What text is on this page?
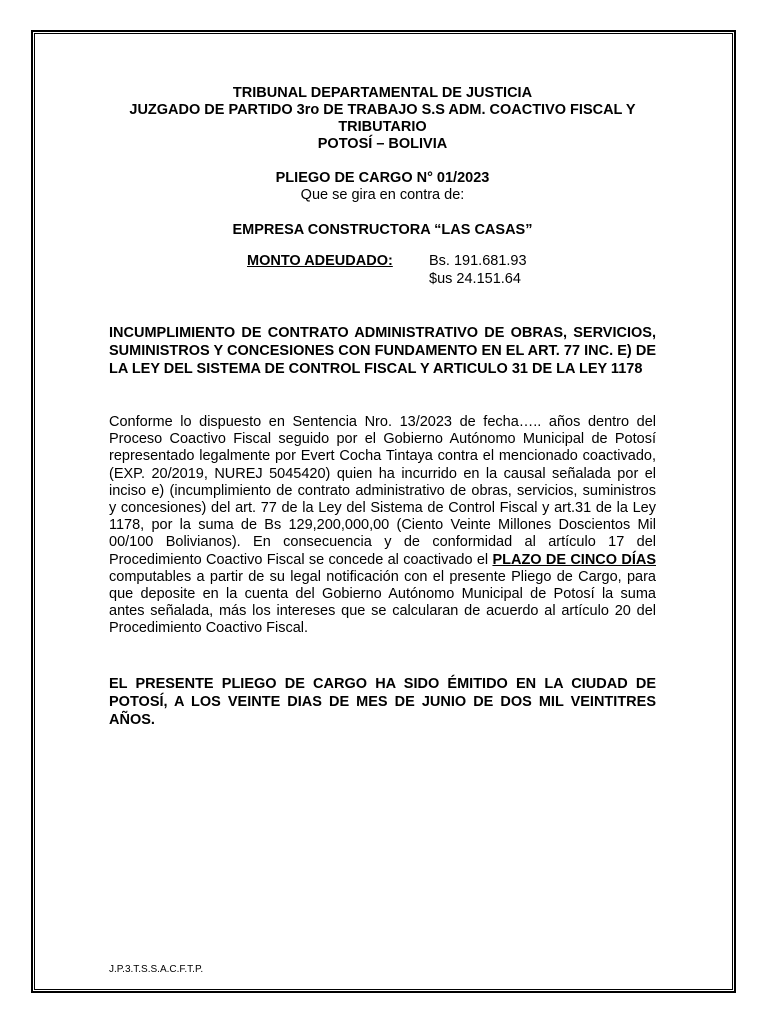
TRIBUNAL DEPARTAMENTAL DE JUSTICIA
JUZGADO DE PARTIDO 3ro DE TRABAJO S.S ADM. COACTIVO FISCAL Y
TRIBUTARIO
POTOSÍ – BOLIVIA
PLIEGO DE CARGO N° 01/2023
Que se gira en contra de:
EMPRESA CONSTRUCTORA “LAS CASAS”
MONTO ADEUDADO: Bs. 191.681.93
$us 24.151.64
INCUMPLIMIENTO DE CONTRATO ADMINISTRATIVO DE OBRAS, SERVICIOS, SUMINISTROS Y CONCESIONES CON FUNDAMENTO EN EL ART. 77 INC. E) DE LA LEY DEL SISTEMA DE CONTROL FISCAL Y ARTICULO 31 DE LA LEY 1178
Conforme lo dispuesto en Sentencia Nro. 13/2023 de fecha….. años dentro del Proceso Coactivo Fiscal seguido por el Gobierno Autónomo Municipal de Potosí representado legalmente por Evert Cocha Tintaya contra el mencionado coactivado, (EXP. 20/2019, NUREJ 5045420) quien ha incurrido en la causal señalada por el inciso e) (incumplimiento de contrato administrativo de obras, servicios, suministros y concesiones) del art. 77 de la Ley del Sistema de Control Fiscal y art.31 de la Ley 1178, por la suma de Bs 129,200,000,00 (Ciento Veinte Millones Doscientos Mil 00/100 Bolivianos). En consecuencia y de conformidad al artículo 17 del Procedimiento Coactivo Fiscal se concede al coactivado el PLAZO DE CINCO DÍAS computables a partir de su legal notificación con el presente Pliego de Cargo, para que deposite en la cuenta del Gobierno Autónomo Municipal de Potosí la suma antes señalada, más los intereses que se calcularan de acuerdo al artículo 20 del Procedimiento Coactivo Fiscal.
EL PRESENTE PLIEGO DE CARGO HA SIDO ÉMITIDO EN LA CIUDAD DE POTOSÍ, A LOS VEINTE DIAS DE MES DE JUNIO DE DOS MIL VEINTITRES AÑOS.
J.P.3.T.S.S.A.C.F.T.P.
